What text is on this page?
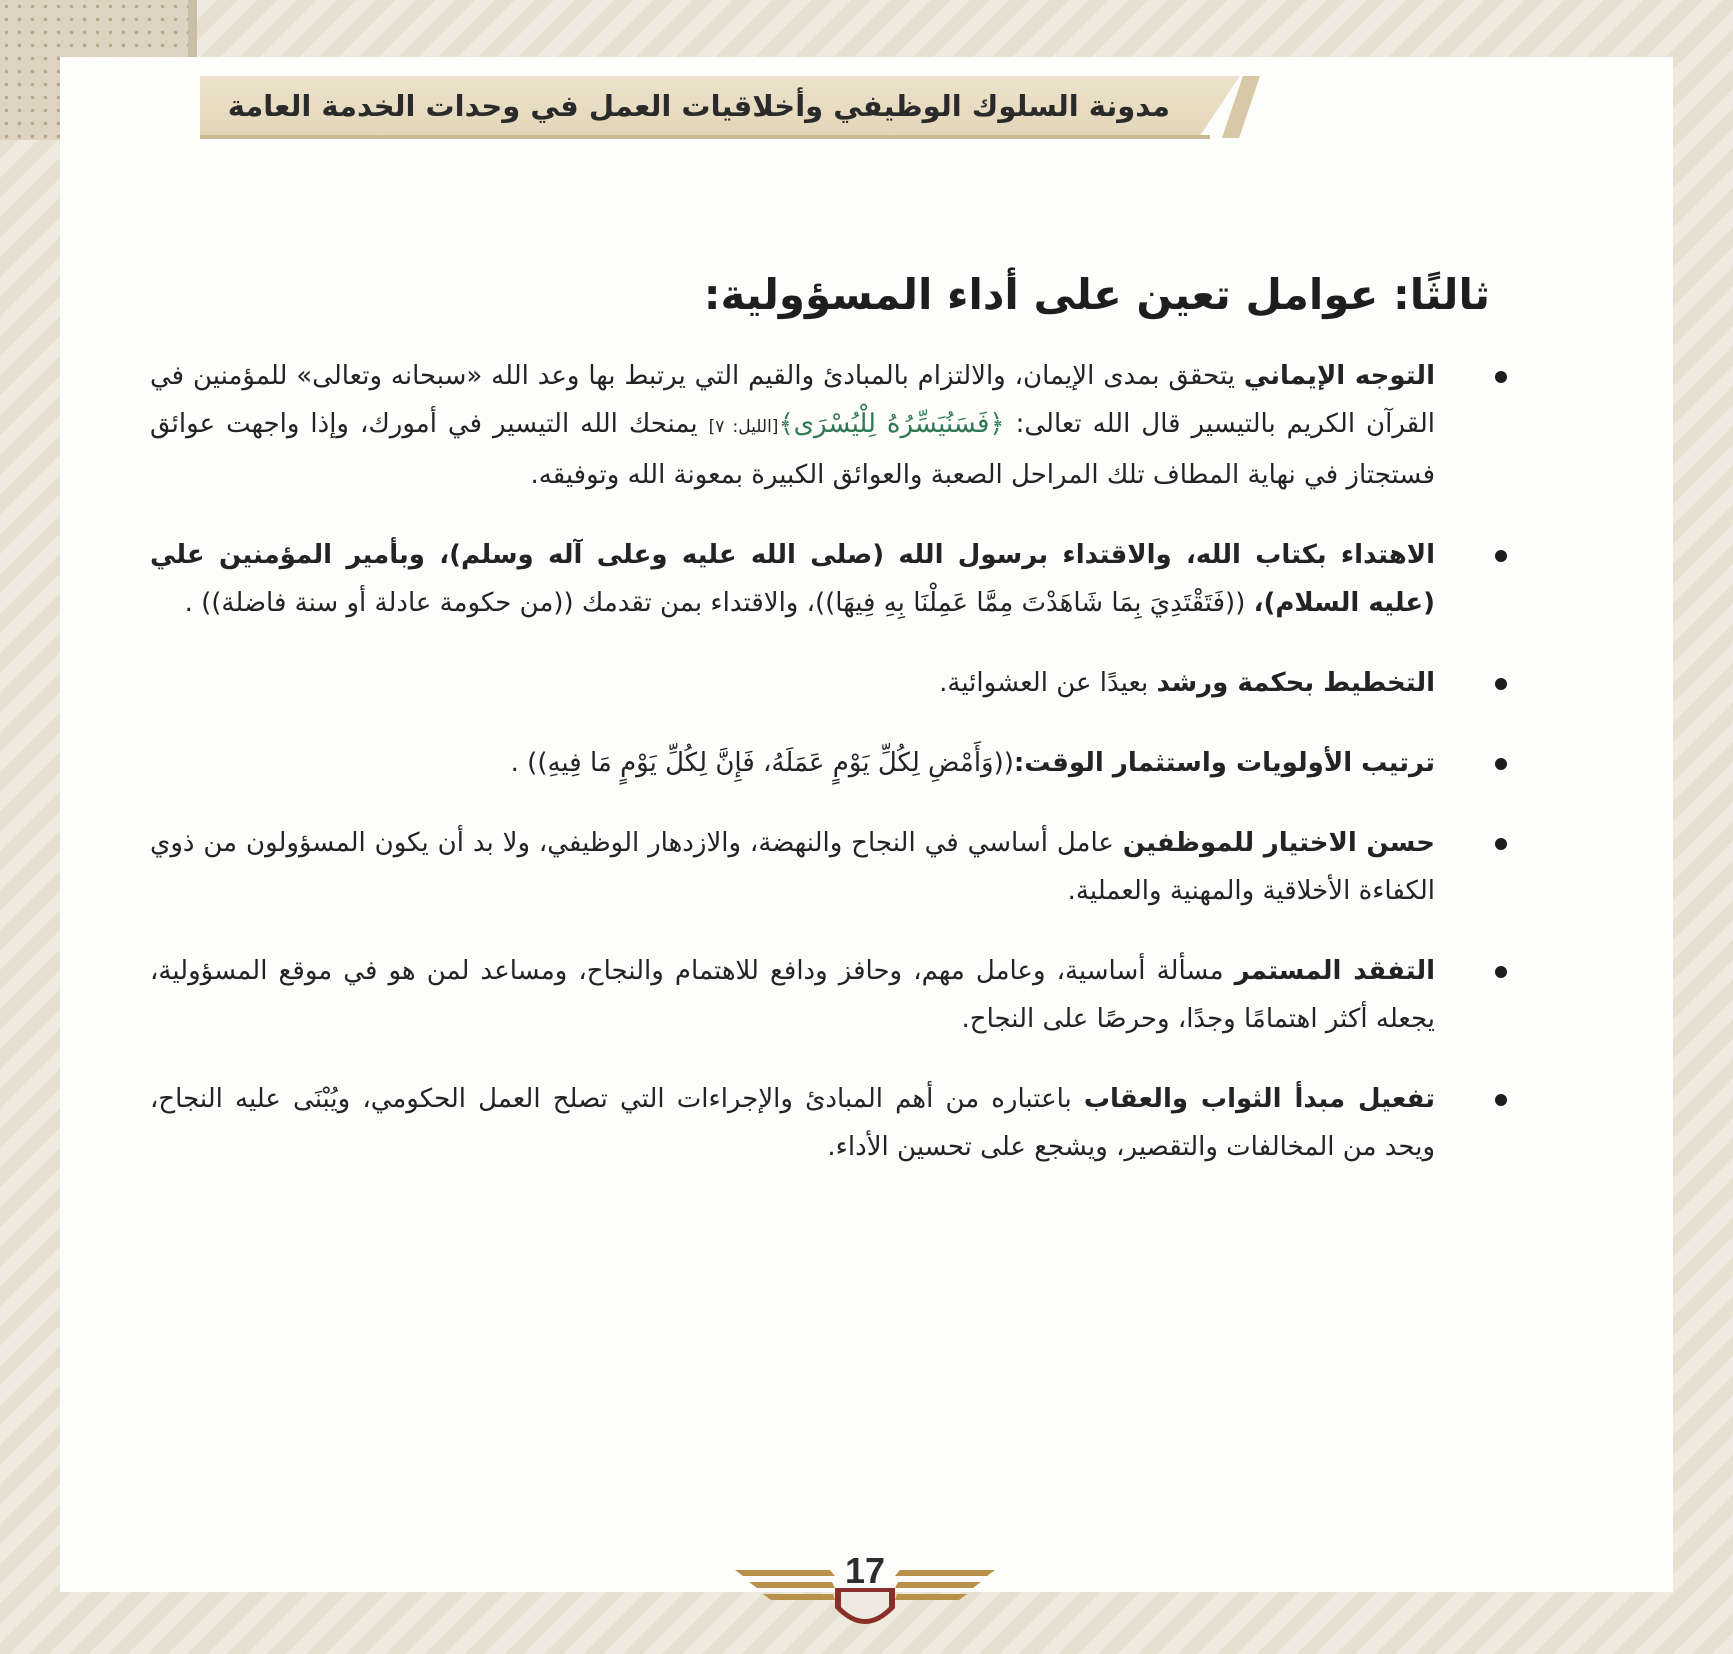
مدونة السلوك الوظيفي وأخلاقيات العمل في وحدات الخدمة العامة
ثالثًا: عوامل تعين على أداء المسؤولية:
التوجه الإيماني يتحقق بمدى الإيمان، والالتزام بالمبادئ والقيم التي يرتبط بها وعد الله «سبحانه وتعالى» للمؤمنين في القرآن الكريم بالتيسير قال الله تعالى: ﴿فَسَنُيَسِّرُهُ لِلْيُسْرَى﴾[الليل: ٧] يمنحك الله التيسير في أمورك، وإذا واجهت عوائق فستجتاز في نهاية المطاف تلك المراحل الصعبة والعوائق الكبيرة بمعونة الله وتوفيقه.
الاهتداء بكتاب الله، والاقتداء برسول الله (صلى الله عليه وعلى آله وسلم)، وبأمير المؤمنين علي (عليه السلام)، ((فَتَقْتَدِيَ بِمَا شَاهَدْتَ مِمَّا عَمِلْنَا بِهِ فِيهَا))، والاقتداء بمن تقدمك ((من حكومة عادلة أو سنة فاضلة)) .
التخطيط بحكمة ورشد بعيدًا عن العشوائية.
ترتيب الأولويات واستثمار الوقت:((وَأَمْضِ لِكُلِّ يَوْمٍ عَمَلَهُ، فَإِنَّ لِكُلِّ يَوْمٍ مَا فِيهِ)) .
حسن الاختيار للموظفين عامل أساسي في النجاح والنهضة، والازدهار الوظيفي، ولا بد أن يكون المسؤولون من ذوي الكفاءة الأخلاقية والمهنية والعملية.
التفقد المستمر مسألة أساسية، وعامل مهم، وحافز ودافع للاهتمام والنجاح، ومساعد لمن هو في موقع المسؤولية، يجعله أكثر اهتمامًا وجدًا، وحرصًا على النجاح.
تفعيل مبدأ الثواب والعقاب باعتباره من أهم المبادئ والإجراءات التي تصلح العمل الحكومي، ويُبْنَى عليه النجاح، ويحد من المخالفات والتقصير، ويشجع على تحسين الأداء.
17
